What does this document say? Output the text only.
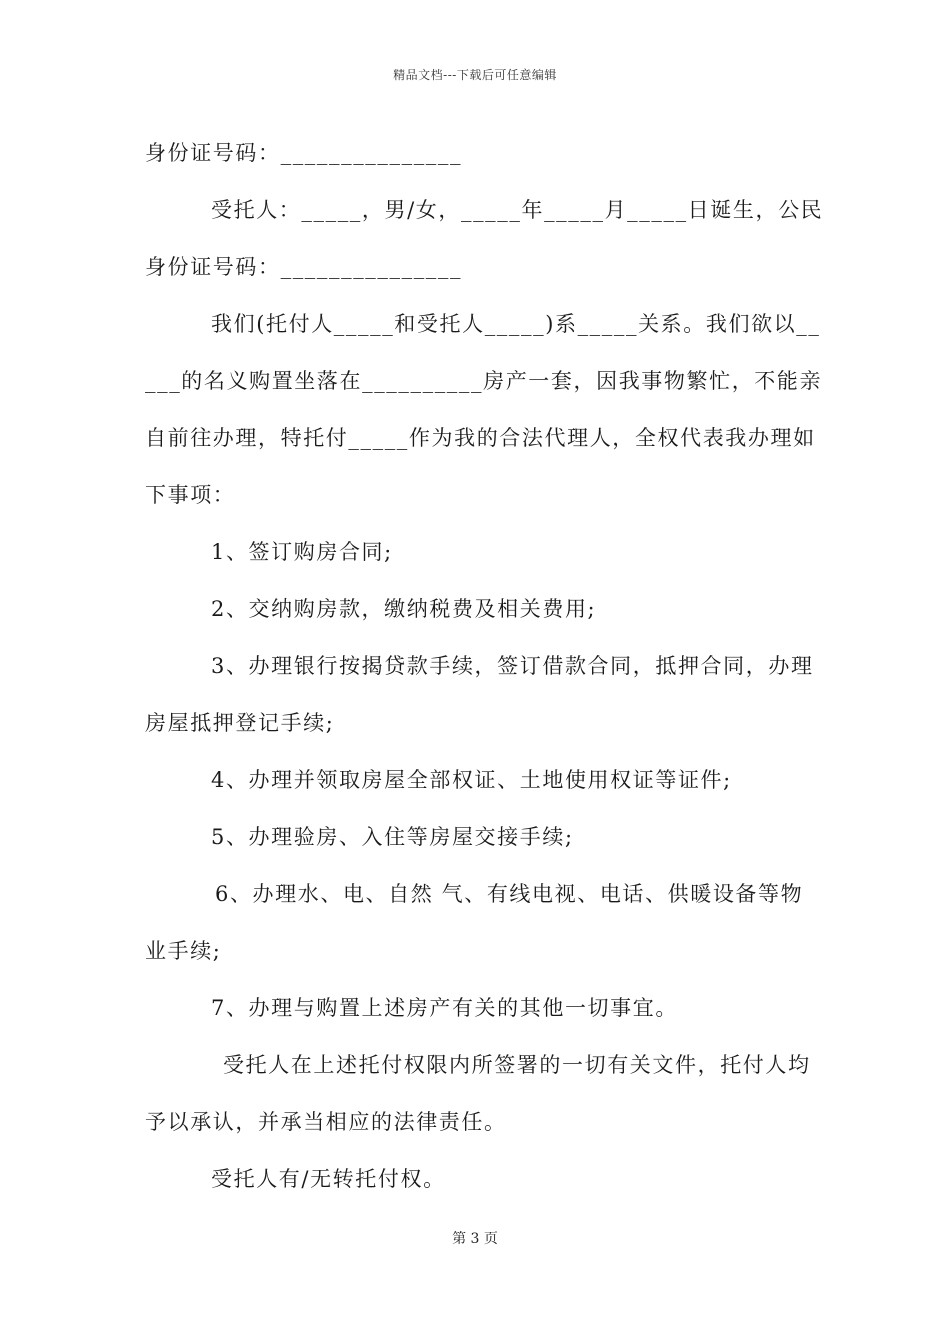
精品文档---下载后可任意编辑
身份证号码：_______________
受托人：_____，男/女，_____年_____月_____日诞生，公民
身份证号码：_______________
我们(托付人_____和受托人_____)系_____关系。我们欲以__
___的名义购置坐落在__________房产一套，因我事物繁忙，不能亲
自前往办理，特托付_____作为我的合法代理人，全权代表我办理如
下事项：
1、签订购房合同;
2、交纳购房款，缴纳税费及相关费用;
3、办理银行按揭贷款手续，签订借款合同，抵押合同，办理
房屋抵押登记手续;
4、办理并领取房屋全部权证、土地使用权证等证件;
5、办理验房、入住等房屋交接手续;
6、办理水、电、自然 气、有线电视、电话、供暖设备等物
业手续;
7、办理与购置上述房产有关的其他一切事宜。
受托人在上述托付权限内所签署的一切有关文件，托付人均
予以承认，并承当相应的法律责任。
受托人有/无转托付权。
第 3 页
